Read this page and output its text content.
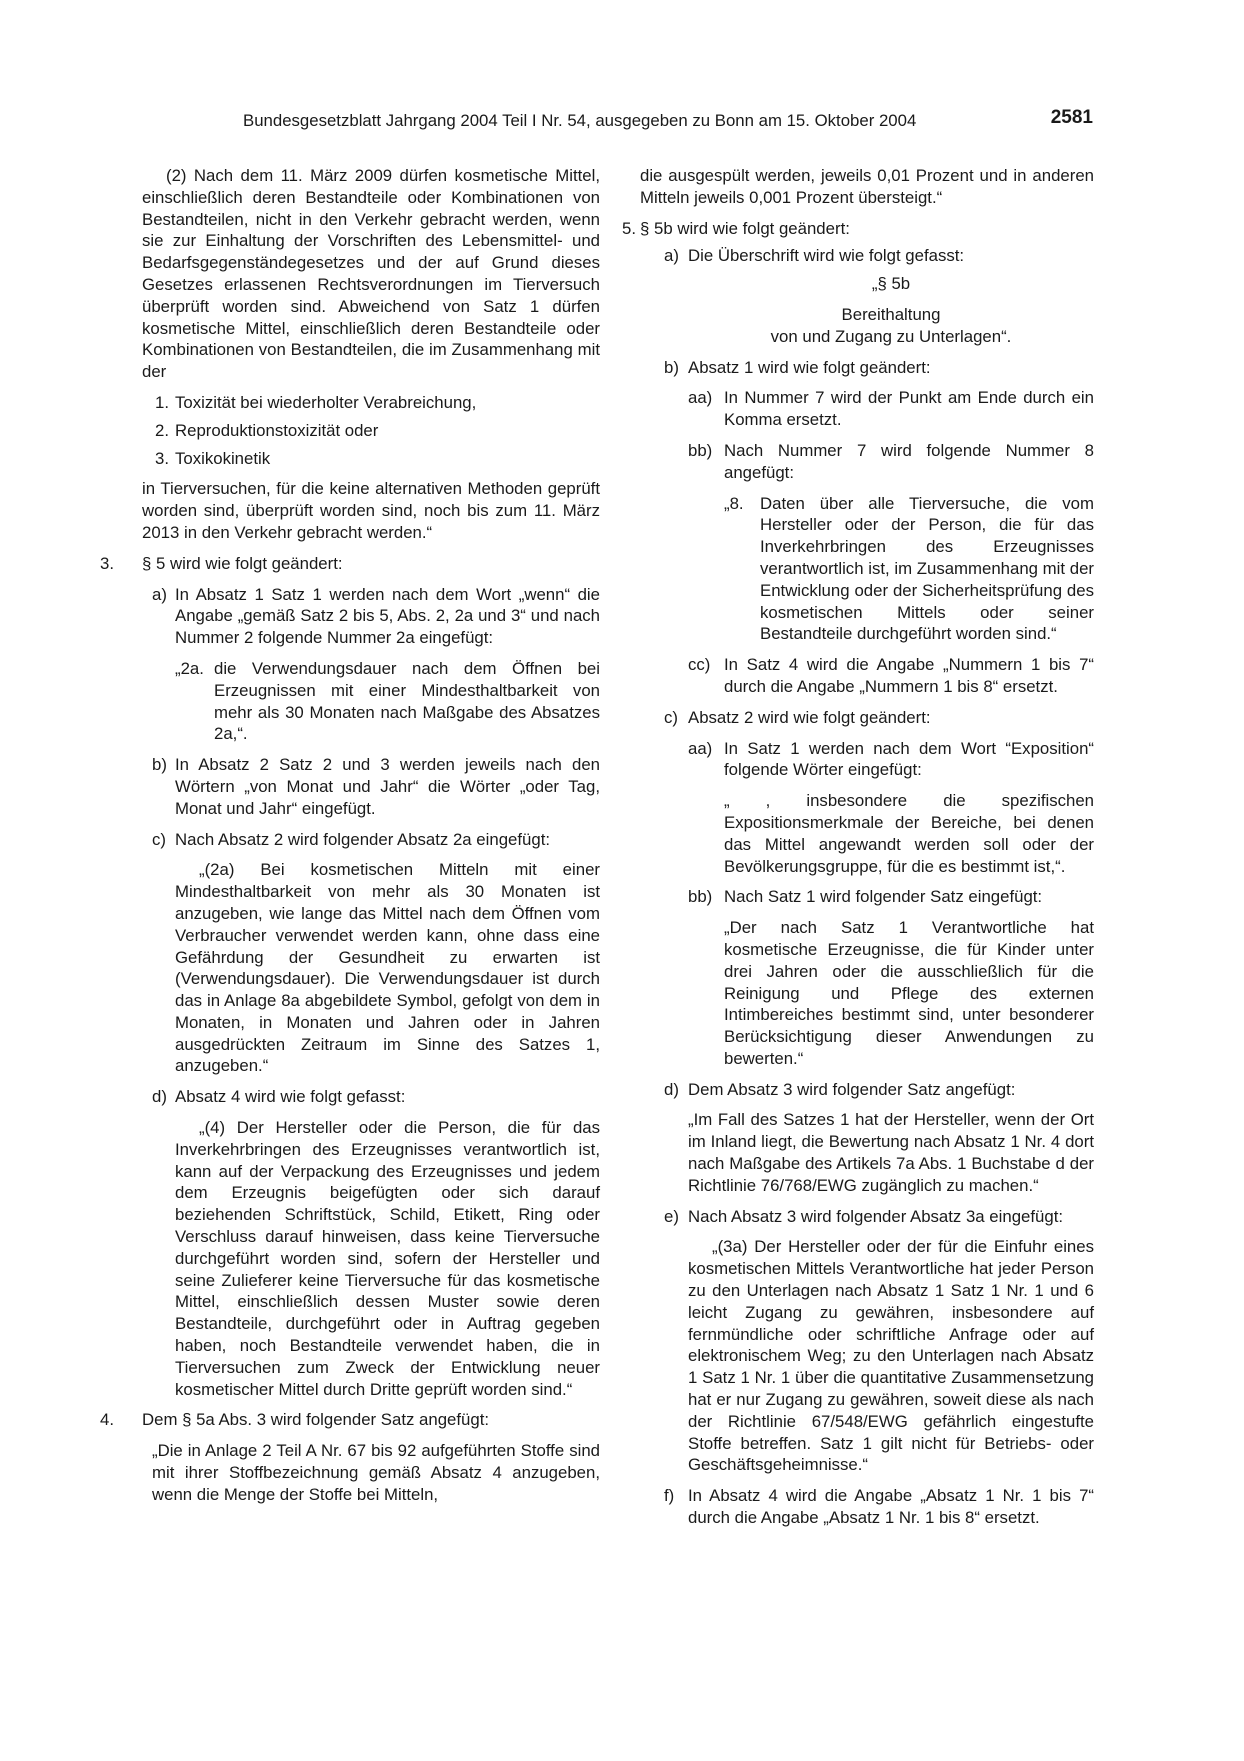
Bundesgesetzblatt Jahrgang 2004 Teil I Nr. 54, ausgegeben zu Bonn am 15. Oktober 2004	2581

(2) Nach dem 11. März 2009 dürfen kosmetische Mittel, einschließlich deren Bestandteile oder Kombinationen von Bestandteilen, nicht in den Verkehr gebracht werden, wenn sie zur Einhaltung der Vorschriften des Lebensmittel- und Bedarfsgegenständegesetzes und der auf Grund dieses Gesetzes erlassenen Rechtsverordnungen im Tierversuch überprüft worden sind. Abweichend von Satz 1 dürfen kosmetische Mittel, einschließlich deren Bestandteile oder Kombinationen von Bestandteilen, die im Zusammenhang mit der

1. Toxizität bei wiederholter Verabreichung,
2. Reproduktionstoxizität oder
3. Toxikokinetik

in Tierversuchen, für die keine alternativen Methoden geprüft worden sind, überprüft worden sind, noch bis zum 11. März 2013 in den Verkehr gebracht werden.“

3. § 5 wird wie folgt geändert:
a) In Absatz 1 Satz 1 werden nach dem Wort „wenn“ die Angabe „gemäß Satz 2 bis 5, Abs. 2, 2a und 3“ und nach Nummer 2 folgende Nummer 2a eingefügt:
„2a. die Verwendungsdauer nach dem Öffnen bei Erzeugnissen mit einer Mindesthaltbarkeit von mehr als 30 Monaten nach Maßgabe des Absatzes 2a,“.
b) In Absatz 2 Satz 2 und 3 werden jeweils nach den Wörtern „von Monat und Jahr“ die Wörter „oder Tag, Monat und Jahr“ eingefügt.
c) Nach Absatz 2 wird folgender Absatz 2a eingefügt:

„(2a) Bei kosmetischen Mitteln mit einer Mindesthaltbarkeit von mehr als 30 Monaten ist anzugeben, wie lange das Mittel nach dem Öffnen vom Verbraucher verwendet werden kann, ohne dass eine Gefährdung der Gesundheit zu erwarten ist (Verwendungsdauer). Die Verwendungsdauer ist durch das in Anlage 8a abgebildete Symbol, gefolgt von dem in Monaten, in Monaten und Jahren oder in Jahren ausgedrückten Zeitraum im Sinne des Satzes 1, anzugeben.“

d) Absatz 4 wird wie folgt gefasst:

„(4) Der Hersteller oder die Person, die für das Inverkehrbringen des Erzeugnisses verantwortlich ist, kann auf der Verpackung des Erzeugnisses und jedem dem Erzeugnis beigefügten oder sich darauf beziehenden Schriftstück, Schild, Etikett, Ring oder Verschluss darauf hinweisen, dass keine Tierversuche durchgeführt worden sind, sofern der Hersteller und seine Zulieferer keine Tierversuche für das kosmetische Mittel, einschließlich dessen Muster sowie deren Bestandteile, durchgeführt oder in Auftrag gegeben haben, noch Bestandteile verwendet haben, die in Tierversuchen zum Zweck der Entwicklung neuer kosmetischer Mittel durch Dritte geprüft worden sind.“

4. Dem § 5a Abs. 3 wird folgender Satz angefügt:

„Die in Anlage 2 Teil A Nr. 67 bis 92 aufgeführten Stoffe sind mit ihrer Stoffbezeichnung gemäß Absatz 4 anzugeben, wenn die Menge der Stoffe bei Mitteln,

die ausgespült werden, jeweils 0,01 Prozent und in anderen Mitteln jeweils 0,001 Prozent übersteigt.“

5. § 5b wird wie folgt geändert:
a) Die Überschrift wird wie folgt gefasst:

„§ 5b

Bereithaltung

von und Zugang zu Unterlagen“.

b) Absatz 1 wird wie folgt geändert:
aa) In Nummer 7 wird der Punkt am Ende durch ein Komma ersetzt.
bb) Nach Nummer 7 wird folgende Nummer 8 angefügt:
„8. Daten über alle Tierversuche, die vom Hersteller oder der Person, die für das Inverkehrbringen des Erzeugnisses verantwortlich ist, im Zusammenhang mit der Entwicklung oder der Sicherheitsprüfung des kosmetischen Mittels oder seiner Bestandteile durchgeführt worden sind.“
cc) In Satz 4 wird die Angabe „Nummern 1 bis 7“ durch die Angabe „Nummern 1 bis 8“ ersetzt.
c) Absatz 2 wird wie folgt geändert:
aa) In Satz 1 werden nach dem Wort “Exposition“ folgende Wörter eingefügt:

„ , insbesondere die spezifischen Expositionsmerkmale der Bereiche, bei denen das Mittel angewandt werden soll oder der Bevölkerungsgruppe, für die es bestimmt ist,“.

bb) Nach Satz 1 wird folgender Satz eingefügt:

„Der nach Satz 1 Verantwortliche hat kosmetische Erzeugnisse, die für Kinder unter drei Jahren oder die ausschließlich für die Reinigung und Pflege des externen Intimbereiches bestimmt sind, unter besonderer Berücksichtigung dieser Anwendungen zu bewerten.“

d) Dem Absatz 3 wird folgender Satz angefügt:

„Im Fall des Satzes 1 hat der Hersteller, wenn der Ort im Inland liegt, die Bewertung nach Absatz 1 Nr. 4 dort nach Maßgabe des Artikels 7a Abs. 1 Buchstabe d der Richtlinie 76/768/EWG zugänglich zu machen.“

e) Nach Absatz 3 wird folgender Absatz 3a eingefügt:

„(3a) Der Hersteller oder der für die Einfuhr eines kosmetischen Mittels Verantwortliche hat jeder Person zu den Unterlagen nach Absatz 1 Satz 1 Nr. 1 und 6 leicht Zugang zu gewähren, insbesondere auf fernmündliche oder schriftliche Anfrage oder auf elektronischem Weg; zu den Unterlagen nach Absatz 1 Satz 1 Nr. 1 über die quantitative Zusammensetzung hat er nur Zugang zu gewähren, soweit diese als nach der Richtlinie 67/548/EWG gefährlich eingestufte Stoffe betreffen. Satz 1 gilt nicht für Betriebs- oder Geschäftsgeheimnisse.“

f) In Absatz 4 wird die Angabe „Absatz 1 Nr. 1 bis 7“ durch die Angabe „Absatz 1 Nr. 1 bis 8“ ersetzt.
